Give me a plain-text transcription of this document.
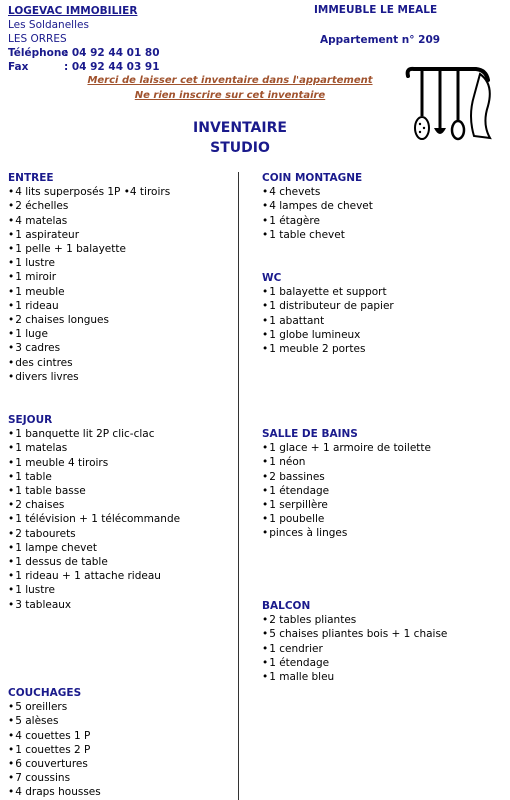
LOGEVAC IMMOBILIER
Les Soldanelles
LES ORRES
Téléphone: 04 92 44 01 80
Fax	: 04 92 44 03 91
IMMEUBLE LE MEALE
Appartement n° 209
Merci de laisser cet inventaire dans l'appartement
Ne rien inscrire sur cet inventaire
INVENTAIRE
STUDIO
ENTREE
• 4 lits superposés 1P •4 tiroirs
• 2 échelles
• 4 matelas
• 1 aspirateur
• 1 pelle + 1 balayette
• 1 lustre
• 1 miroir
• 1 meuble
• 1 rideau
• 2 chaises longues
• 1 luge
• 3 cadres
• des cintres
• divers livres
SEJOUR
• 1 banquette lit 2P clic-clac
• 1 matelas
• 1 meuble 4 tiroirs
• 1 table
• 1 table basse
• 2 chaises
• 1 télévision + 1 télécommande
• 2 tabourets
• 1 lampe chevet
• 1 dessus de table
• 1 rideau + 1 attache rideau
• 1 lustre
• 3 tableaux
COUCHAGES
• 5 oreillers
• 5 alèses
• 4 couettes 1 P
• 1 couettes 2 P
• 6 couvertures
• 7 coussins
• 4 draps housses
COIN MONTAGNE
• 4 chevets
• 4 lampes de chevet
• 1 étagère
• 1 table chevet
WC
• 1 balayette et support
• 1 distributeur de papier
• 1 abattant
• 1 globe lumineux
• 1 meuble 2 portes
SALLE DE BAINS
• 1 glace + 1 armoire de toilette
• 1 néon
• 2 bassines
• 1 étendage
• 1 serpillère
• 1 poubelle
• pinces à linges
BALCON
• 2 tables pliantes
• 5 chaises pliantes bois + 1 chaise
• 1 cendrier
• 1 étendage
• 1 malle bleu
